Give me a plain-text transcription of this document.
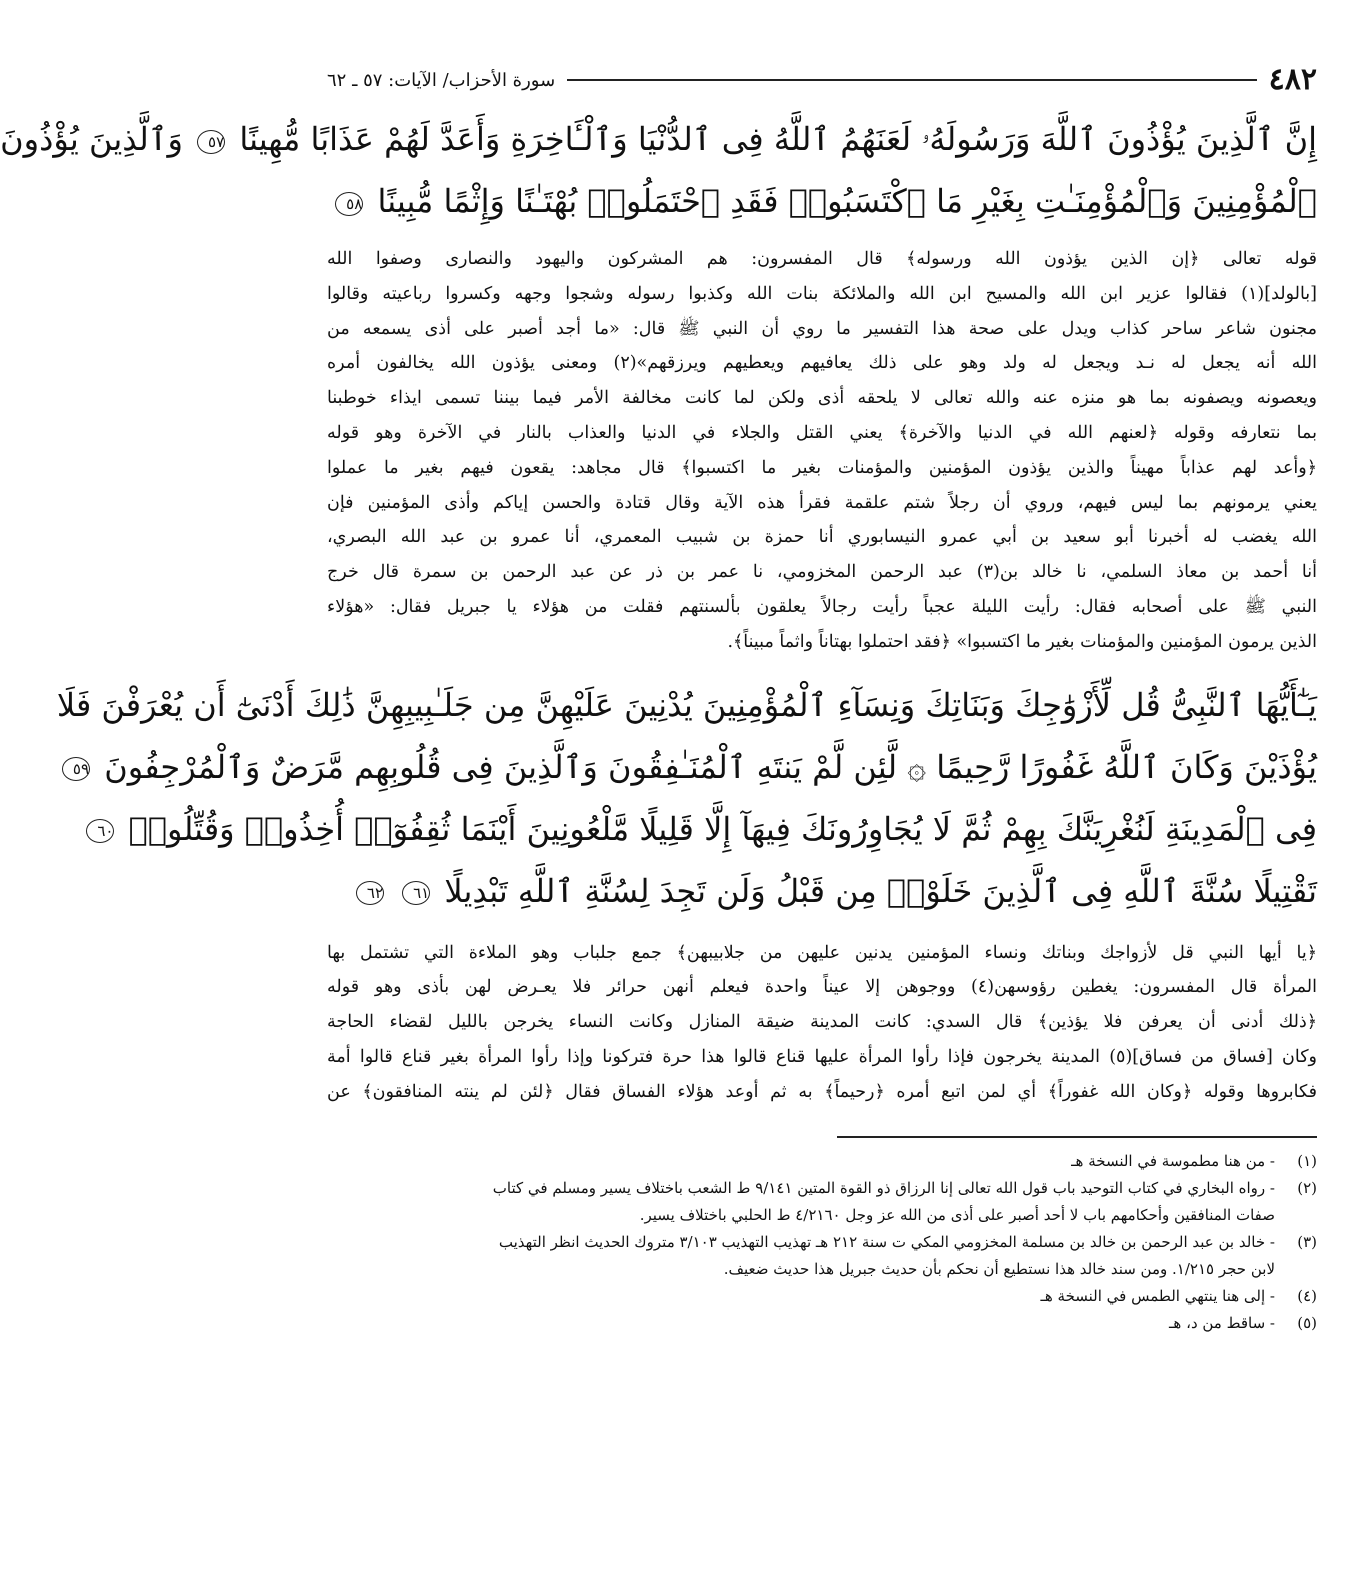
٤٨٢
سورة الأحزاب/ الآيات: ٥٧ ـ ٦٢
إِنَّ ٱلَّذِينَ يُؤْذُونَ ٱللَّهَ وَرَسُولَهُۥ لَعَنَهُمُ ٱللَّهُ فِى ٱلدُّنْيَا وَٱلْـَٔاخِرَةِ وَأَعَدَّ لَهُمْ عَذَابًا مُّهِينًا ٥٧ وَٱلَّذِينَ يُؤْذُونَ
ٱلْمُؤْمِنِينَ وَٱلْمُؤْمِنَـٰتِ بِغَيْرِ مَا ٱكْتَسَبُوا۟ فَقَدِ ٱحْتَمَلُوا۟ بُهْتَـٰنًا وَإِثْمًا مُّبِينًا ٥٨
قوله تعالى ﴿إن الذين يؤذون الله ورسوله﴾ قال المفسرون: هم المشركون واليهود والنصارى وصفوا الله
[بالولد](١) فقالوا عزير ابن الله والمسيح ابن الله والملائكة بنات الله وكذبوا رسوله وشجوا وجهه وكسروا رباعيته وقالوا
مجنون شاعر ساحر كذاب ويدل على صحة هذا التفسير ما روي أن النبي ﷺ قال: «ما أجد أصبر على أذى يسمعه من
الله أنه يجعل له نـد ويجعل له ولد وهو على ذلك يعافيهم ويعطيهم ويرزقهم»(٢) ومعنى يؤذون الله يخالفون أمره
ويعصونه ويصفونه بما هو منزه عنه والله تعالى لا يلحقه أذى ولكن لما كانت مخالفة الأمر فيما بيننا تسمى ايذاء خوطبنا
بما نتعارفه وقوله ﴿لعنهم الله في الدنيا والآخرة﴾ يعني القتل والجلاء في الدنيا والعذاب بالنار في الآخرة وهو قوله
﴿وأعد لهم عذاباً مهيناً والذين يؤذون المؤمنين والمؤمنات بغير ما اكتسبوا﴾ قال مجاهد: يقعون فيهم بغير ما عملوا
يعني يرمونهم بما ليس فيهم، وروي أن رجلاً شتم علقمة فقرأ هذه الآية وقال قتادة والحسن إياكم وأذى المؤمنين فإن
الله يغضب له أخبرنا أبو سعيد بن أبي عمرو النيسابوري أنا حمزة بن شبيب المعمري، أنا عمرو بن عبد الله البصري،
أنا أحمد بن معاذ السلمي، نا خالد بن(٣) عبد الرحمن المخزومي، نا عمر بن ذر عن عبد الرحمن بن سمرة قال خرج
النبي ﷺ على أصحابه فقال: رأيت الليلة عجباً رأيت رجالاً يعلقون بألسنتهم فقلت من هؤلاء يا جبريل فقال: «هؤلاء
الذين يرمون المؤمنين والمؤمنات بغير ما اكتسبوا» ﴿فقد احتملوا بهتاناً واثماً مبيناً﴾.
يَـٰٓأَيُّهَا ٱلنَّبِىُّ قُل لِّأَزْوَٰجِكَ وَبَنَاتِكَ وَنِسَآءِ ٱلْمُؤْمِنِينَ يُدْنِينَ عَلَيْهِنَّ مِن جَلَـٰبِيبِهِنَّ ذَٰلِكَ أَدْنَىٰٓ أَن يُعْرَفْنَ فَلَا
يُؤْذَيْنَ وَكَانَ ٱللَّهُ غَفُورًا رَّحِيمًا ۞ لَّئِن لَّمْ يَنتَهِ ٱلْمُنَـٰفِقُونَ وَٱلَّذِينَ فِى قُلُوبِهِم مَّرَضٌ وَٱلْمُرْجِفُونَ ٥٩
فِى ٱلْمَدِينَةِ لَنُغْرِيَنَّكَ بِهِمْ ثُمَّ لَا يُجَاوِرُونَكَ فِيهَآ إِلَّا قَلِيلًا مَّلْعُونِينَ أَيْنَمَا ثُقِفُوٓا۟ أُخِذُوا۟ وَقُتِّلُوا۟ ٦٠
تَقْتِيلًا سُنَّةَ ٱللَّهِ فِى ٱلَّذِينَ خَلَوْا۟ مِن قَبْلُ وَلَن تَجِدَ لِسُنَّةِ ٱللَّهِ تَبْدِيلًا ٦١ ٦٢
﴿يا أيها النبي قل لأزواجك وبناتك ونساء المؤمنين يدنين عليهن من جلابيبهن﴾ جمع جلباب وهو الملاءة التي تشتمل بها
المرأة قال المفسرون: يغطين رؤوسهن(٤) ووجوهن إلا عيناً واحدة فيعلم أنهن حرائر فلا يعـرض لهن بأذى وهو قوله
﴿ذلك أدنى أن يعرفن فلا يؤذين﴾ قال السدي: كانت المدينة ضيقة المنازل وكانت النساء يخرجن بالليل لقضاء الحاجة
وكان [فساق من فساق](٥) المدينة يخرجون فإذا رأوا المرأة عليها قناع قالوا هذا حرة فتركونا وإذا رأوا المرأة بغير قناع قالوا أمة
فكابروها وقوله ﴿وكان الله غفوراً﴾ أي لمن اتبع أمره ﴿رحيماً﴾ به ثم أوعد هؤلاء الفساق فقال ﴿لئن لم ينته المنافقون﴾ عن
(١)
- من هنا مطموسة في النسخة هـ
(٢)
- رواه البخاري في كتاب التوحيد باب قول الله تعالى إنا الرزاق ذو القوة المتين ٩/١٤١ ط الشعب باختلاف يسير ومسلم في كتاب
صفات المنافقين وأحكامهم باب لا أحد أصبر على أذى من الله عز وجل ٤/٢١٦٠ ط الحلبي باختلاف يسير.
(٣)
- خالد بن عبد الرحمن بن خالد بن مسلمة المخزومي المكي ت سنة ٢١٢ هـ تهذيب التهذيب ٣/١٠٣ متروك الحديث انظر التهذيب
لابن حجر ١/٢١٥. ومن سند خالد هذا نستطيع أن نحكم بأن حديث جبريل هذا حديث ضعيف.
(٤)
- إلى هنا ينتهي الطمس في النسخة هـ
(٥)
- ساقط من د، هـ
